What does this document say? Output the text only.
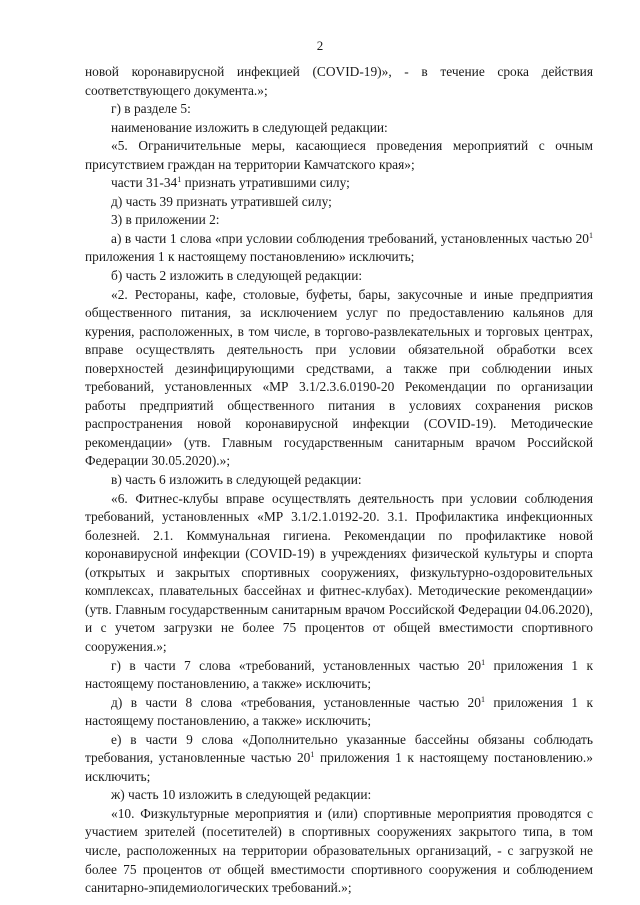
2

новой коронавирусной инфекцией (COVID-19)», - в течение срока действия соответствующего документа.»;

г) в разделе 5:

наименование изложить в следующей редакции:

«5. Ограничительные меры, касающиеся проведения мероприятий с очным присутствием граждан на территории Камчатского края»;

части $31-34^1$ признать утратившими силу;

д) часть 39 признать утратившей силу;

3) в приложении 2:

а) в части 1 слова «при условии соблюдения требований, установленных частью $20^1$ приложения 1 к настоящему постановлению» исключить;

б) часть 2 изложить в следующей редакции:

«2. Рестораны, кафе, столовые, буфеты, бары, закусочные и иные предприятия общественного питания, за исключением услуг по предоставлению кальянов для курения, расположенных, в том числе, в торгово-развлекательных и торговых центрах, вправе осуществлять деятельность при условии обязательной обработки всех поверхностей дезинфицирующими средствами, а также при соблюдении иных требований, установленных «МР 3.1/2.3.6.0190-20 Рекомендации по организации работы предприятий общественного питания в условиях сохранения рисков распространения новой коронавирусной инфекции (COVID-19). Методические рекомендации» (утв. Главным государственным санитарным врачом Российской Федерации 30.05.2020).»;

в) часть 6 изложить в следующей редакции:

«6. Фитнес-клубы вправе осуществлять деятельность при условии соблюдения требований, установленных «МР 3.1/2.1.0192-20. 3.1. Профилактика инфекционных болезней. 2.1. Коммунальная гигиена. Рекомендации по профилактике новой коронавирусной инфекции (COVID-19) в учреждениях физической культуры и спорта (открытых и закрытых спортивных сооружениях, физкультурно-оздоровительных комплексах, плавательных бассейнах и фитнес-клубах). Методические рекомендации» (утв. Главным государственным санитарным врачом Российской Федерации 04.06.2020), и с учетом загрузки не более 75 процентов от общей вместимости спортивного сооружения.»;

г) в части 7 слова «требований, установленных частью $20^1$ приложения 1 к настоящему постановлению, а также» исключить;

д) в части 8 слова «требования, установленные частью $20^1$ приложения 1 к настоящему постановлению, а также» исключить;

е) в части 9 слова «Дополнительно указанные бассейны обязаны соблюдать требования, установленные частью $20^1$ приложения 1 к настоящему постановлению.» исключить;

ж) часть 10 изложить в следующей редакции:

«10. Физкультурные мероприятия и (или) спортивные мероприятия проводятся с участием зрителей (посетителей) в спортивных сооружениях закрытого типа, в том числе, расположенных на территории образовательных организаций, - с загрузкой не более 75 процентов от общей вместимости спортивного сооружения и соблюдением санитарно-эпидемиологических требований.»;
